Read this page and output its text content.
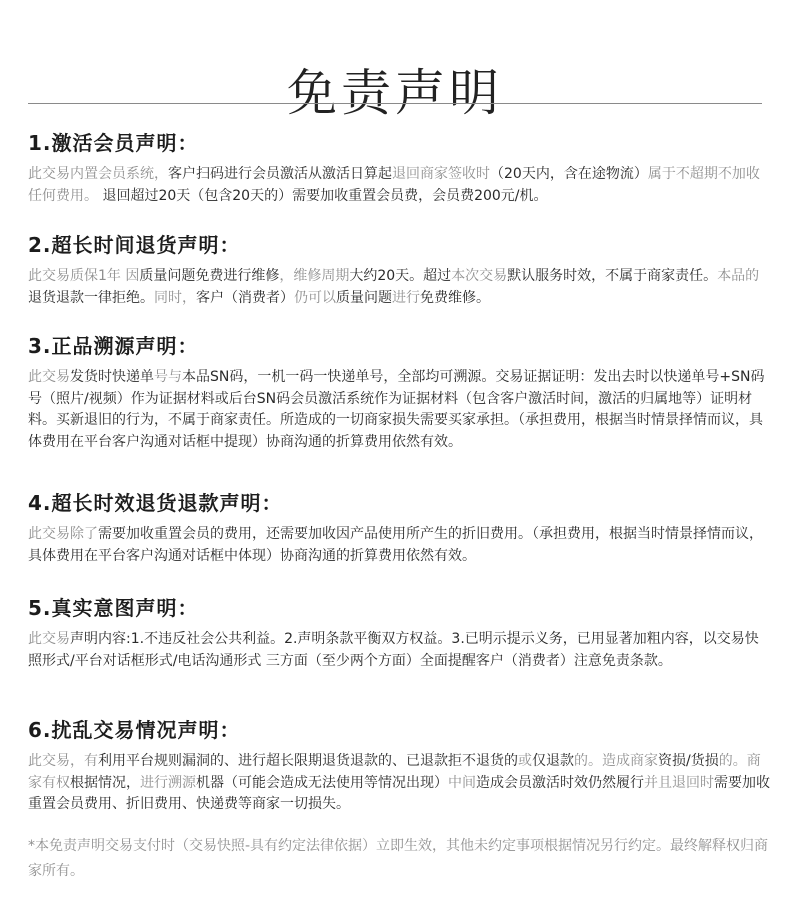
免责声明

1.激活会员声明：

此交易内置会员系统，客户扫码进行会员激活从激活日算起退回商家签收时（20天内，含在途物流）属于不超期不加收任何费用。 退回超过20天（包含20天的）需要加收重置会员费，会员费200元/机。

2.超长时间退货声明：

此交易质保1年 因质量问题免费进行维修，维修周期大约20天。超过本次交易默认服务时效，不属于商家责任。本品的退货退款一律拒绝。同时，客户（消费者）仍可以质量问题进行免费维修。

3.正品溯源声明：

此交易发货时快递单号与本品SN码，一机一码一快递单号，全部均可溯源。交易证据证明：发出去时以快递单号+SN码号（照片/视频）作为证据材料或后台SN码会员激活系统作为证据材料（包含客户激活时间，激活的归属地等）证明材料。买新退旧的行为，不属于商家责任。所造成的一切商家损失需要买家承担。（承担费用，根据当时情景择情而议，具体费用在平台客户沟通对话框中提现）协商沟通的折算费用依然有效。

4.超长时效退货退款声明：

此交易除了需要加收重置会员的费用，还需要加收因产品使用所产生的折旧费用。（承担费用，根据当时情景择情而议，具体费用在平台客户沟通对话框中体现）协商沟通的折算费用依然有效。

5.真实意图声明：

此交易声明内容:1.不违反社会公共利益。2.声明条款平衡双方权益。3.已明示提示义务，已用显著加粗内容，以交易快照形式/平台对话框形式/电话沟通形式 三方面（至少两个方面）全面提醒客户（消费者）注意免责条款。

6.扰乱交易情况声明：

此交易，有利用平台规则漏洞的、进行超长限期退货退款的、已退款拒不退货的或仅退款的。造成商家资损/货损的。商家有权根据情况，进行溯源机器（可能会造成无法使用等情况出现）中间造成会员激活时效仍然履行并且退回时需要加收重置会员费用、折旧费用、快递费等商家一切损失。

*本免责声明交易支付时（交易快照-具有约定法律依据）立即生效，其他未约定事项根据情况另行约定。最终解释权归商家所有。
